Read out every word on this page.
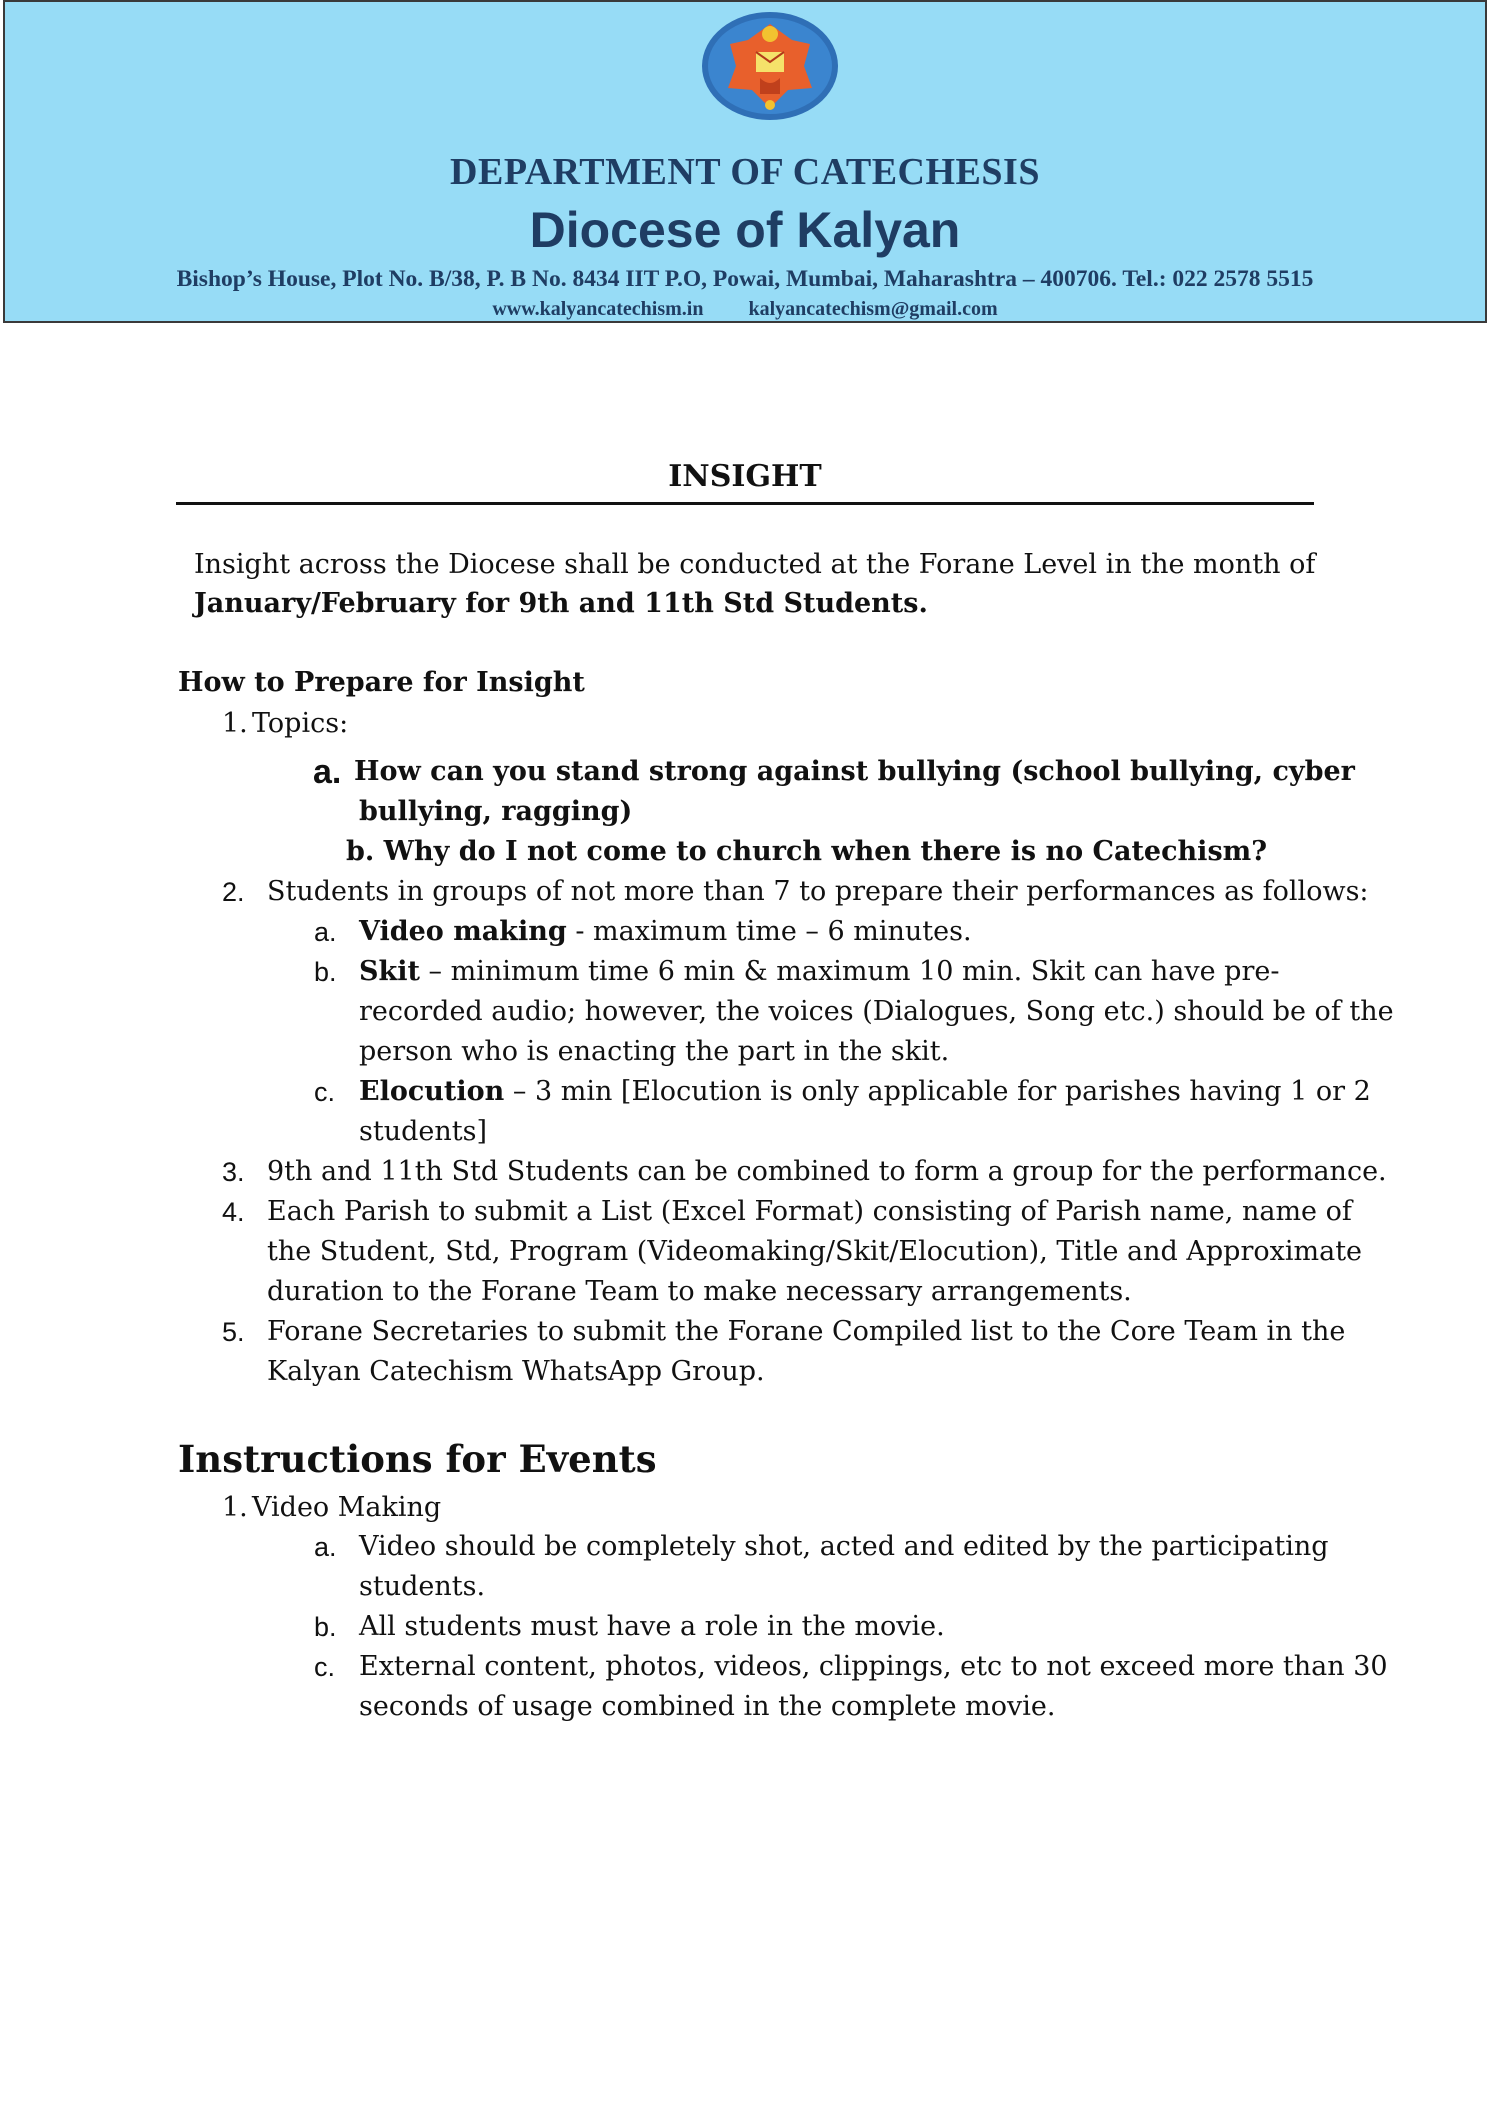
DEPARTMENT OF CATECHESIS
Diocese of Kalyan
Bishop’s House, Plot No. B/38, P. B No. 8434 IIT P.O, Powai, Mumbai, Maharashtra – 400706. Tel.: 022 2578 5515
www.kalyancatechism.in kalyancatechism@gmail.com
INSIGHT
Insight across the Diocese shall be conducted at the Forane Level in the month of
January/February for 9th and 11th Std Students.
How to Prepare for Insight
1. Topics:
a. How can you stand strong against bullying (school bullying, cyber
bullying, ragging)
b. Why do I not come to church when there is no Catechism?
2. Students in groups of not more than 7 to prepare their performances as follows:
a. Video making - maximum time – 6 minutes.
b. Skit – minimum time 6 min & maximum 10 min. Skit can have pre-
recorded audio; however, the voices (Dialogues, Song etc.) should be of the
person who is enacting the part in the skit.
c. Elocution – 3 min [Elocution is only applicable for parishes having 1 or 2
students]
3. 9th and 11th Std Students can be combined to form a group for the performance.
4. Each Parish to submit a List (Excel Format) consisting of Parish name, name of
the Student, Std, Program (Videomaking/Skit/Elocution), Title and Approximate
duration to the Forane Team to make necessary arrangements.
5. Forane Secretaries to submit the Forane Compiled list to the Core Team in the
Kalyan Catechism WhatsApp Group.
Instructions for Events
1. Video Making
a. Video should be completely shot, acted and edited by the participating
students.
b. All students must have a role in the movie.
c. External content, photos, videos, clippings, etc to not exceed more than 30
seconds of usage combined in the complete movie.
